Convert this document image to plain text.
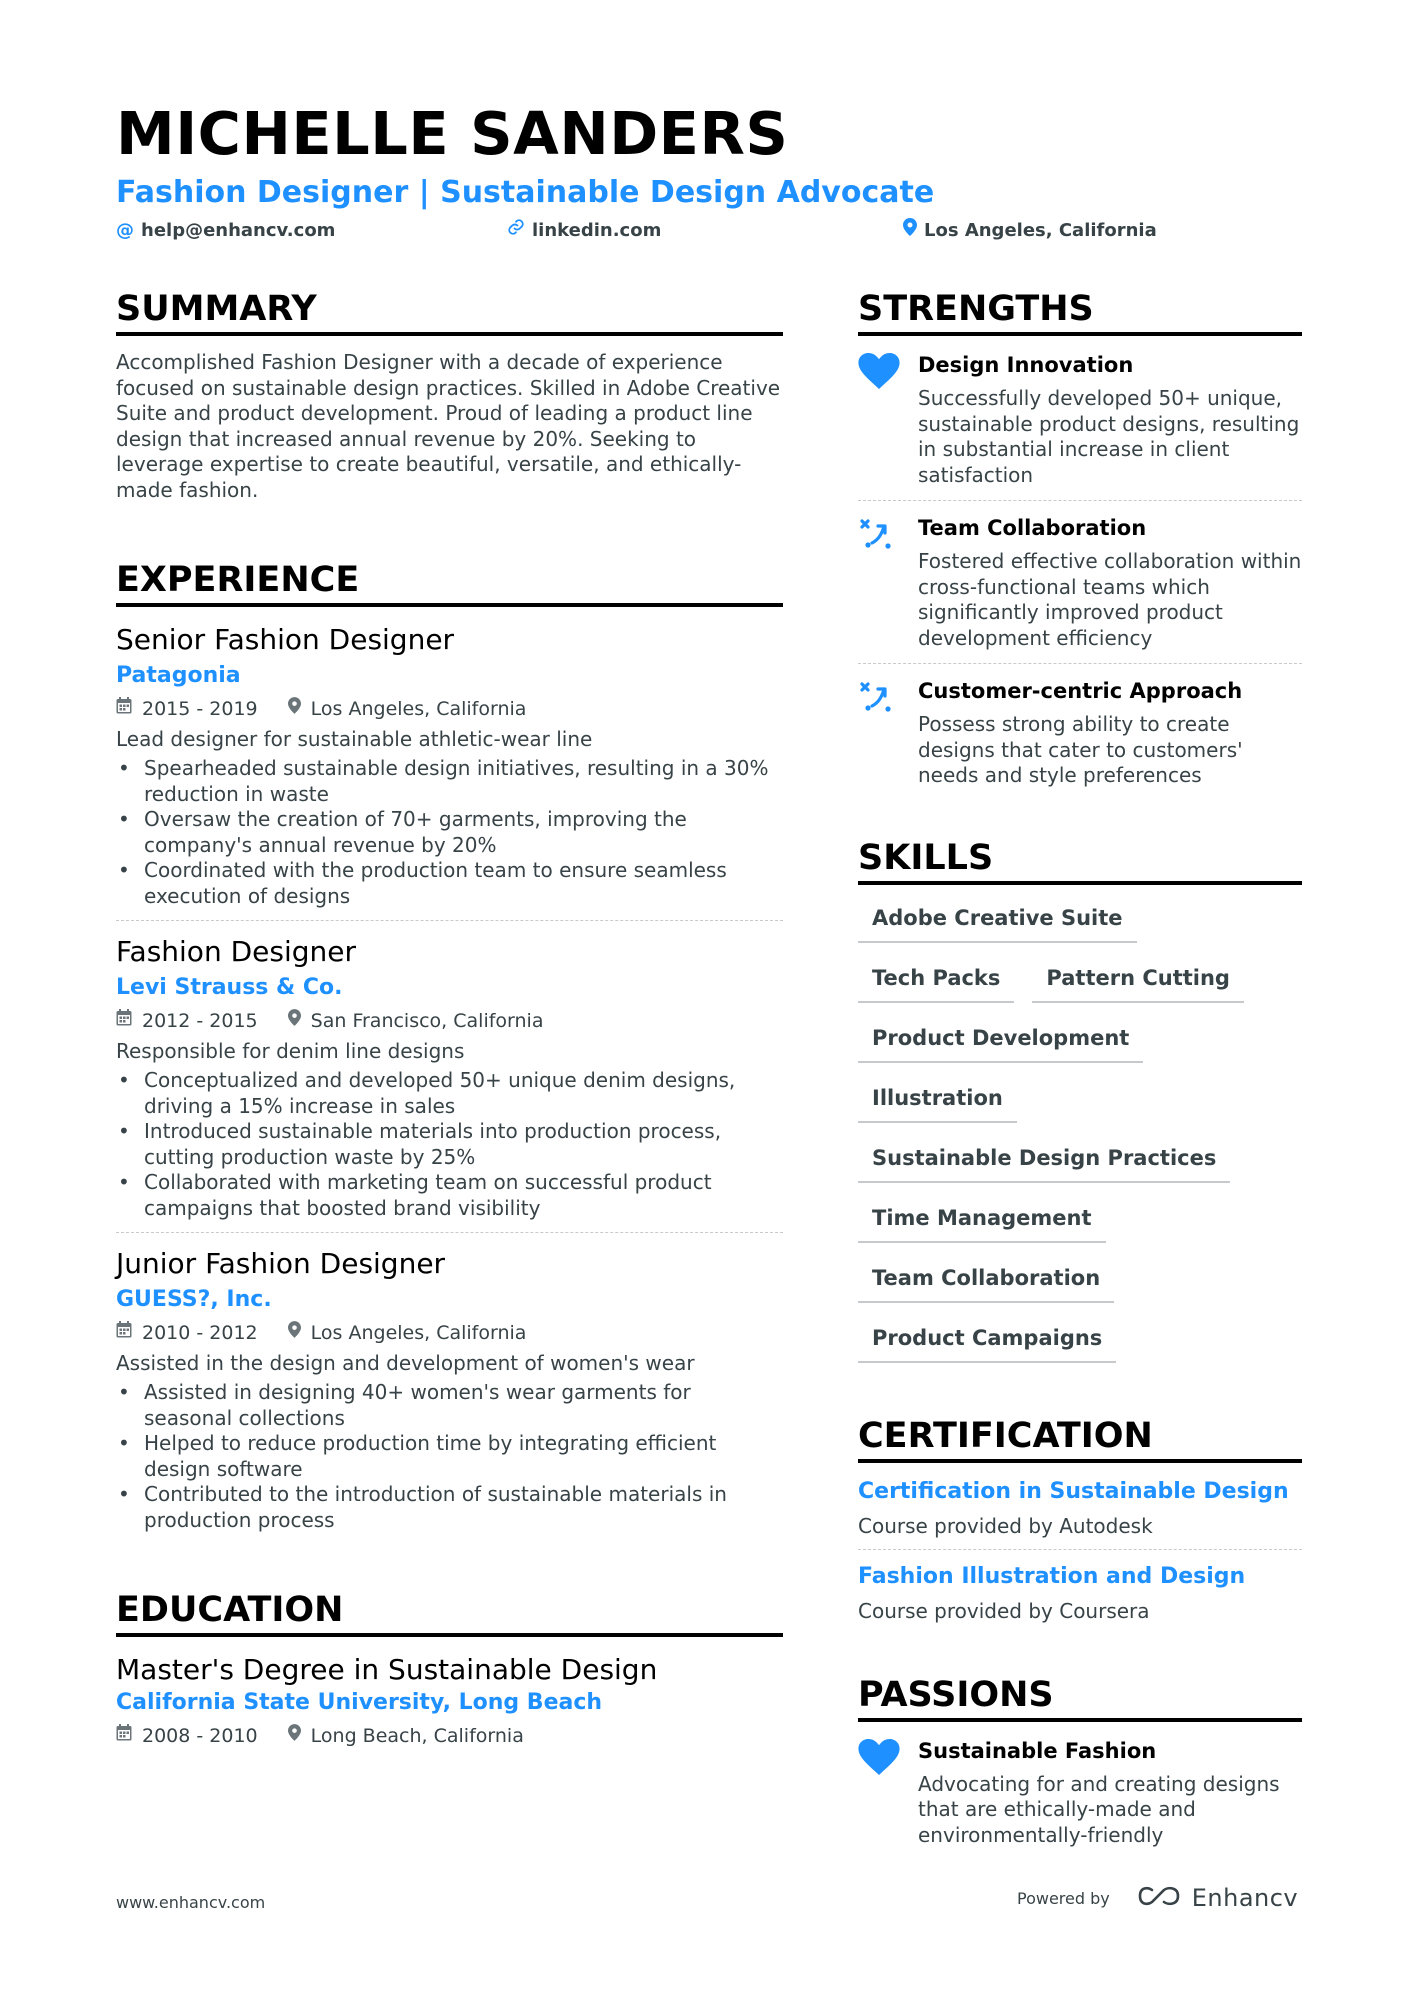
MICHELLE SANDERS
Fashion Designer | Sustainable Design Advocate
@ help@enhancv.com	linkedin.com	Los Angeles, California
SUMMARY
Accomplished Fashion Designer with a decade of experience focused on sustainable design practices. Skilled in Adobe Creative Suite and product development. Proud of leading a product line design that increased annual revenue by 20%. Seeking to leverage expertise to create beautiful, versatile, and ethically-made fashion.
EXPERIENCE
Senior Fashion Designer
Patagonia
2015 - 2019	Los Angeles, California
Lead designer for sustainable athletic-wear line
• Spearheaded sustainable design initiatives, resulting in a 30% reduction in waste
• Oversaw the creation of 70+ garments, improving the company's annual revenue by 20%
• Coordinated with the production team to ensure seamless execution of designs
Fashion Designer
Levi Strauss & Co.
2012 - 2015	San Francisco, California
Responsible for denim line designs
• Conceptualized and developed 50+ unique denim designs, driving a 15% increase in sales
• Introduced sustainable materials into production process, cutting production waste by 25%
• Collaborated with marketing team on successful product campaigns that boosted brand visibility
Junior Fashion Designer
GUESS?, Inc.
2010 - 2012	Los Angeles, California
Assisted in the design and development of women's wear
• Assisted in designing 40+ women's wear garments for seasonal collections
• Helped to reduce production time by integrating efficient design software
• Contributed to the introduction of sustainable materials in production process
EDUCATION
Master's Degree in Sustainable Design
California State University, Long Beach
2008 - 2010	Long Beach, California
STRENGTHS
Design Innovation
Successfully developed 50+ unique, sustainable product designs, resulting in substantial increase in client satisfaction
Team Collaboration
Fostered effective collaboration within cross-functional teams which significantly improved product development efficiency
Customer-centric Approach
Possess strong ability to create designs that cater to customers' needs and style preferences
SKILLS
Adobe Creative Suite
Tech Packs	Pattern Cutting
Product Development
Illustration
Sustainable Design Practices
Time Management
Team Collaboration
Product Campaigns
CERTIFICATION
Certification in Sustainable Design
Course provided by Autodesk
Fashion Illustration and Design
Course provided by Coursera
PASSIONS
Sustainable Fashion
Advocating for and creating designs that are ethically-made and environmentally-friendly
www.enhancv.com	Powered by	Enhancv
